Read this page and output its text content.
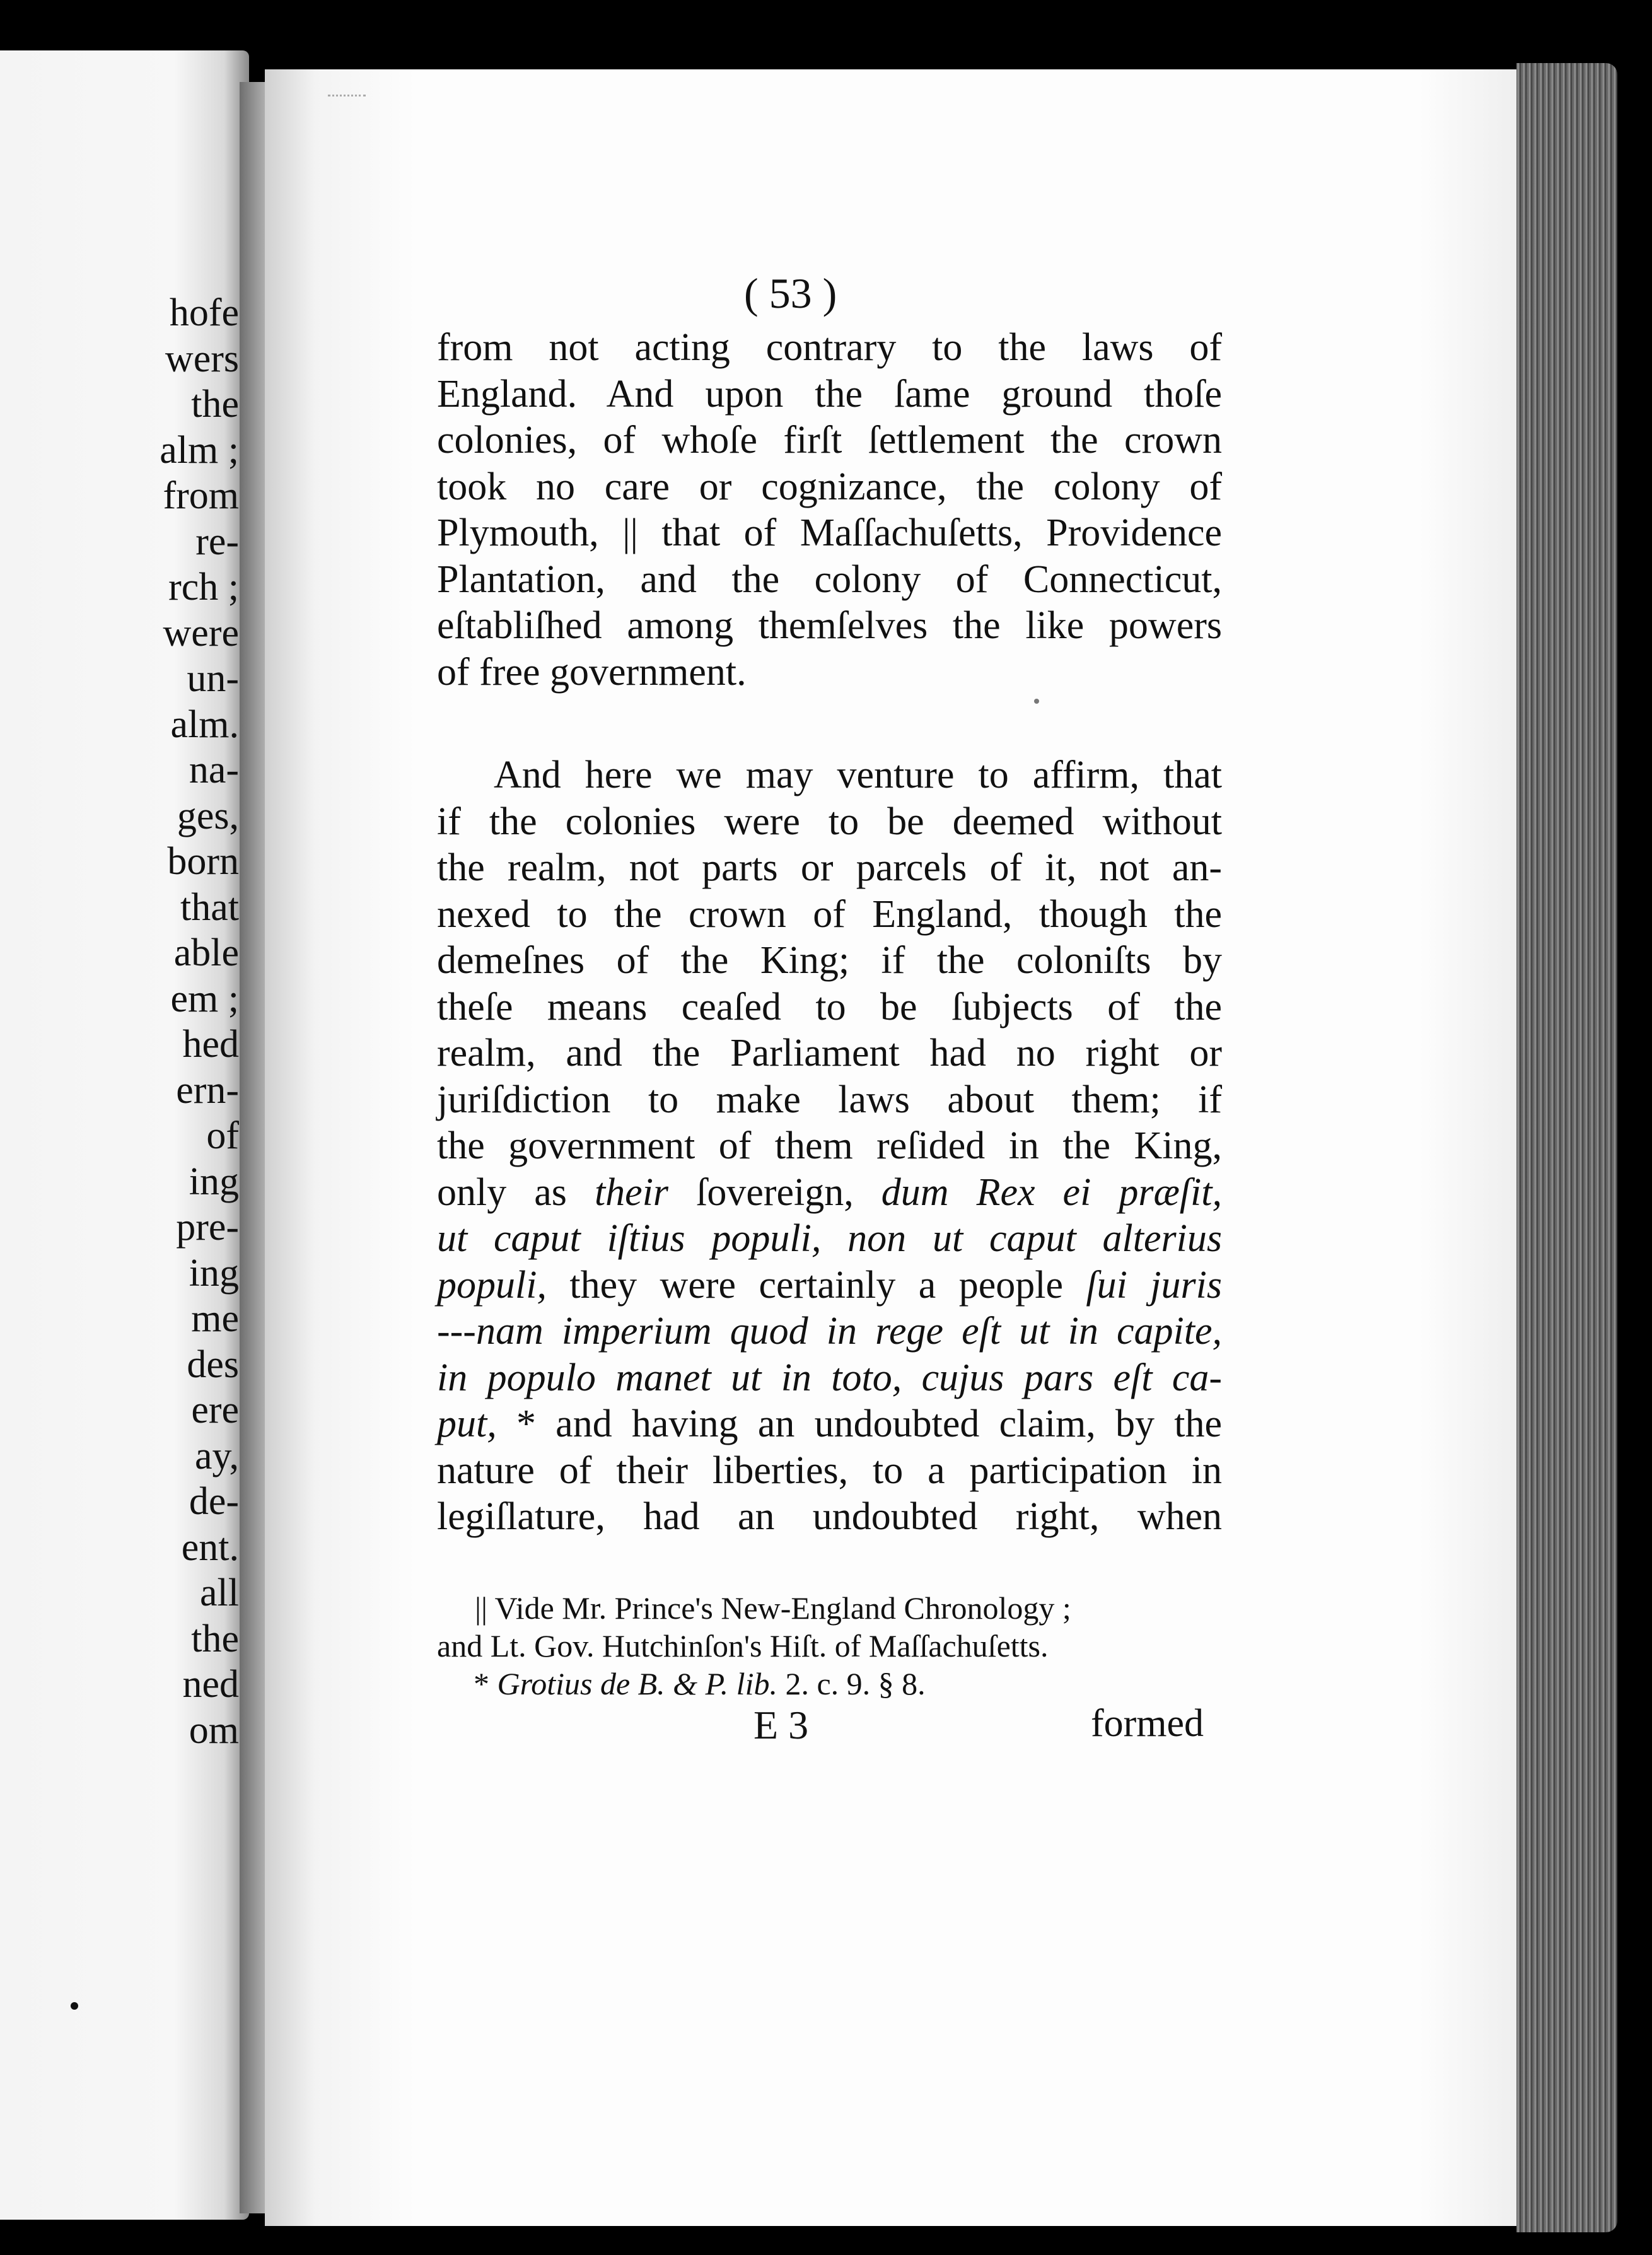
hofe
wers
the
alm ;
from
re-
rch ;
were
un-
alm.
na-
ges,
born
that
able
em ;
hed
ern-
of
ing
pre-
ing
me
des
ere
ay,
de-
ent.
all
the
ned
om
( 53 )
from not acting contrary to the laws of
England. And upon the ſame ground thoſe
colonies, of whoſe firſt ſettlement the crown
took no care or cognizance, the colony of
Plymouth, || that of Maſſachuſetts, Providence
Plantation, and the colony of Connecticut,
eſtabliſhed among themſelves the like powers
of free government.
And here we may venture to affirm, that
if the colonies were to be deemed without
the realm, not parts or parcels of it, not an-
nexed to the crown of England, though the
demeſnes of the King; if the coloniſts by
theſe means ceaſed to be ſubjects of the
realm, and the Parliament had no right or
juriſdiction to make laws about them; if
the government of them reſided in the King,
only as their ſovereign, dum Rex ei præſit,
ut caput iſtius populi, non ut caput alterius
populi, they were certainly a people ſui juris
---nam imperium quod in rege eſt ut in capite,
in populo manet ut in toto, cujus pars eſt ca-
put, * and having an undoubted claim, by the
nature of their liberties, to a participation in
legiſlature, had an undoubted right, when
|| Vide Mr. Prince's New-England Chronology ;
and Lt. Gov. Hutchinſon's Hiſt. of Maſſachuſetts.
* Grotius de B. & P. lib. 2. c. 9. § 8.
E 3	formed
